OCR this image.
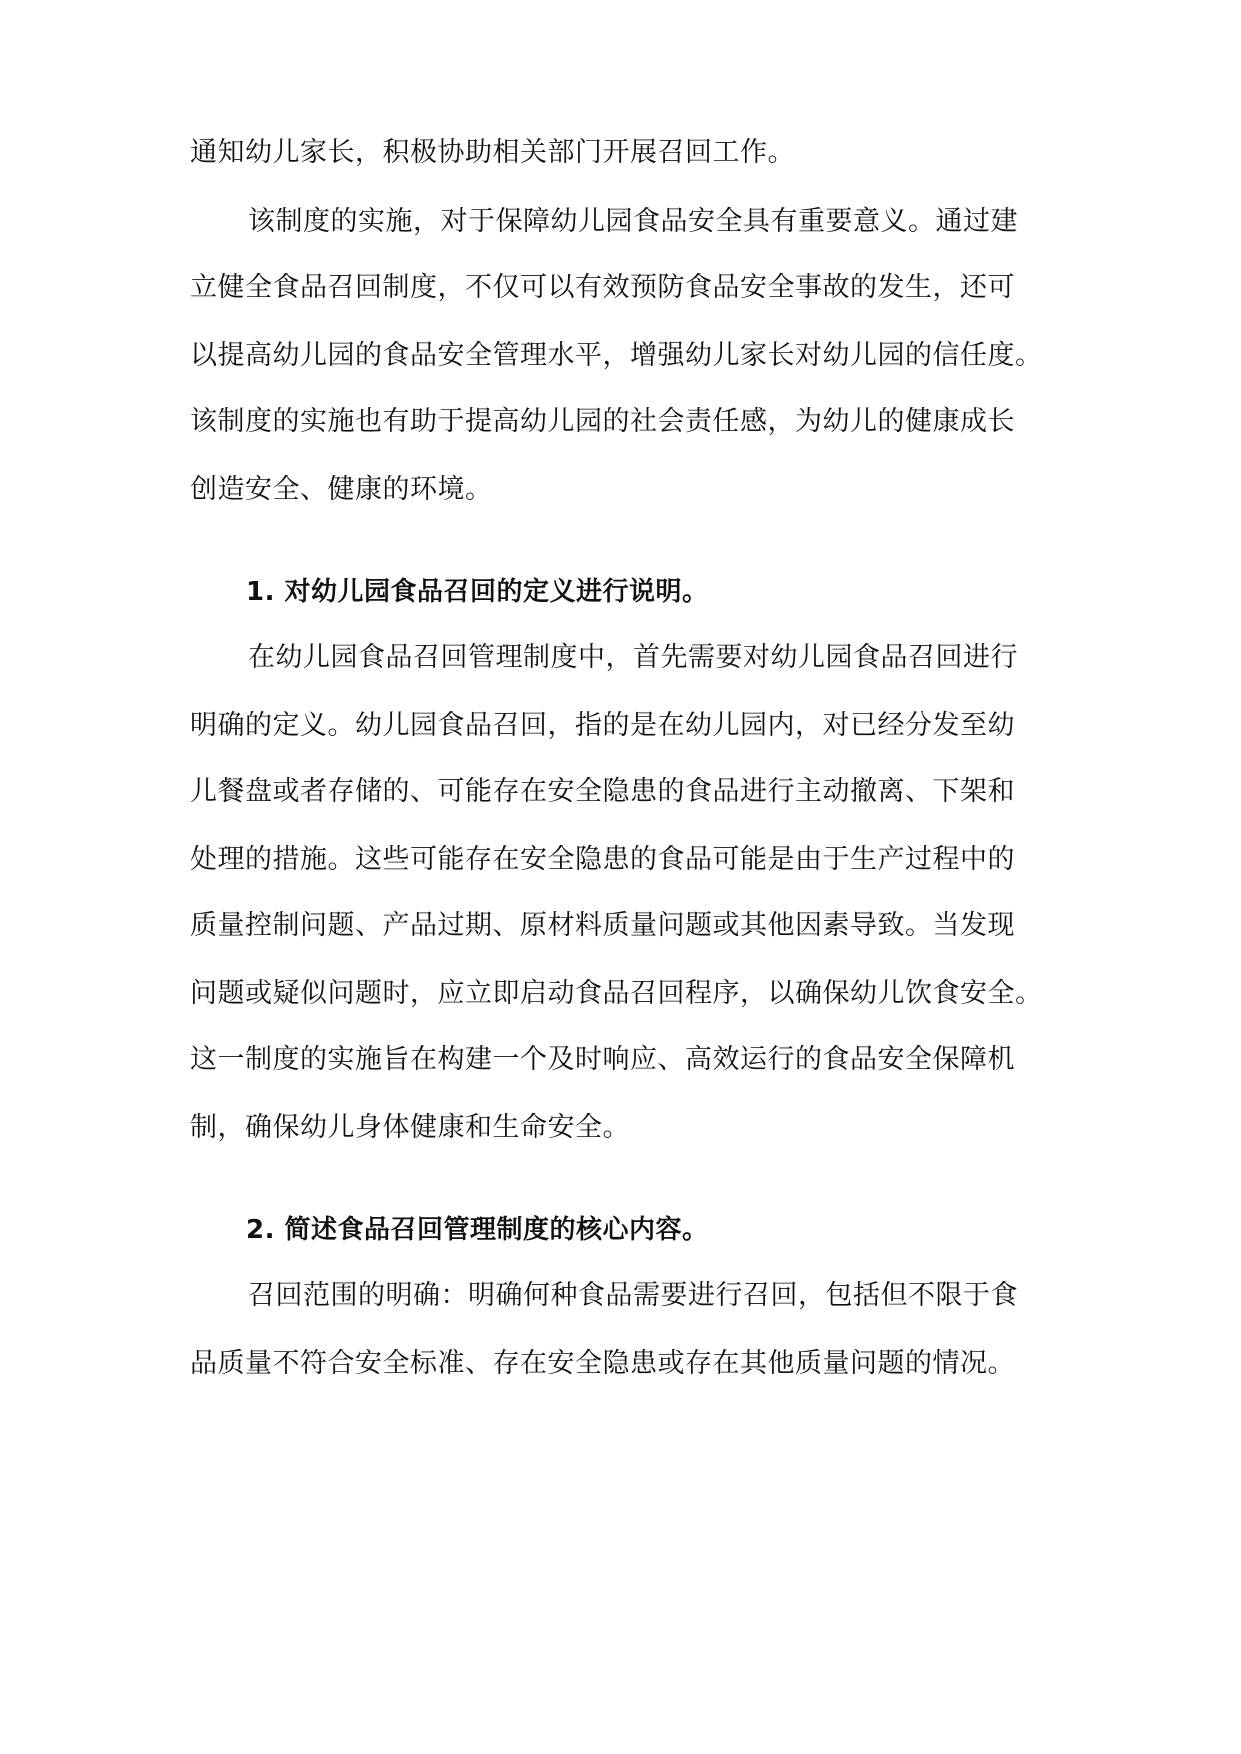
通知幼儿家长，积极协助相关部门开展召回工作。
该制度的实施，对于保障幼儿园食品安全具有重要意义。通过建
立健全食品召回制度，不仅可以有效预防食品安全事故的发生，还可
以提高幼儿园的食品安全管理水平，增强幼儿家长对幼儿园的信任度。
该制度的实施也有助于提高幼儿园的社会责任感，为幼儿的健康成长
创造安全、健康的环境。
1. 对幼儿园食品召回的定义进行说明。
在幼儿园食品召回管理制度中，首先需要对幼儿园食品召回进行
明确的定义。幼儿园食品召回，指的是在幼儿园内，对已经分发至幼
儿餐盘或者存储的、可能存在安全隐患的食品进行主动撤离、下架和
处理的措施。这些可能存在安全隐患的食品可能是由于生产过程中的
质量控制问题、产品过期、原材料质量问题或其他因素导致。当发现
问题或疑似问题时，应立即启动食品召回程序，以确保幼儿饮食安全。
这一制度的实施旨在构建一个及时响应、高效运行的食品安全保障机
制，确保幼儿身体健康和生命安全。
2. 简述食品召回管理制度的核心内容。
召回范围的明确：明确何种食品需要进行召回，包括但不限于食
品质量不符合安全标准、存在安全隐患或存在其他质量问题的情况。
